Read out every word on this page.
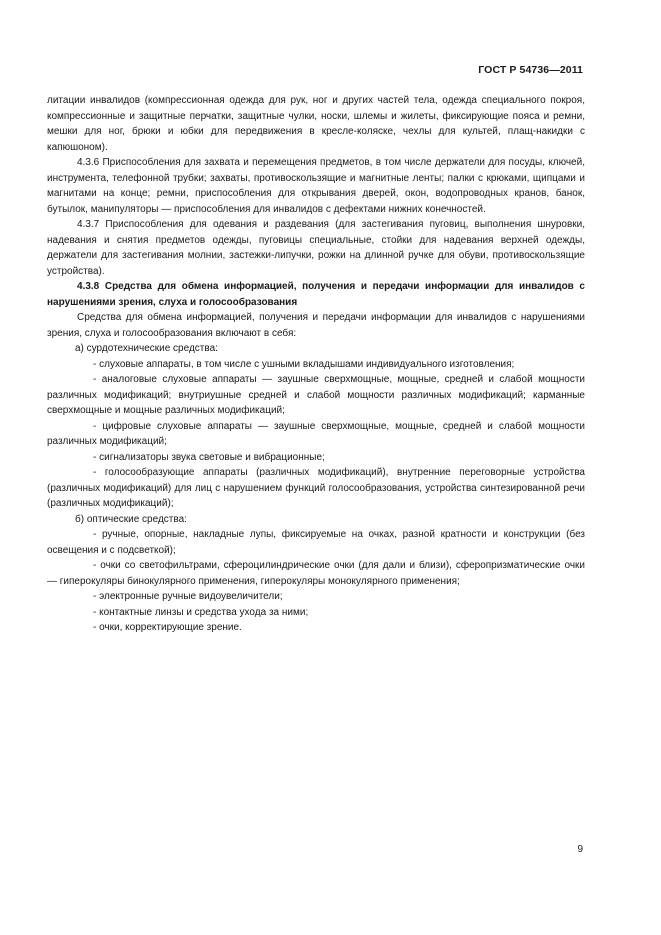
ГОСТ Р 54736—2011

литации инвалидов (компрессионная одежда для рук, ног и других частей тела, одежда специального покроя, компрессионные и защитные перчатки, защитные чулки, носки, шлемы и жилеты, фиксирующие пояса и ремни, мешки для ног, брюки и юбки для передвижения в кресле-коляске, чехлы для культей, плащ-накидки с капюшоном).

4.3.6 Приспособления для захвата и перемещения предметов, в том числе держатели для посуды, ключей, инструмента, телефонной трубки; захваты, противоскользящие и магнитные ленты; палки с крюками, щипцами и магнитами на конце; ремни, приспособления для открывания дверей, окон, водопроводных кранов, банок, бутылок, манипуляторы — приспособления для инвалидов с дефектами нижних конечностей.

4.3.7 Приспособления для одевания и раздевания (для застегивания пуговиц, выполнения шнуровки, надевания и снятия предметов одежды, пуговицы специальные, стойки для надевания верхней одежды, держатели для застегивания молнии, застежки-липучки, рожки на длинной ручке для обуви, противоскользящие устройства).

4.3.8 Средства для обмена информацией, получения и передачи информации для инвалидов с нарушениями зрения, слуха и голосообразования

Средства для обмена информацией, получения и передачи информации для инвалидов с нарушениями зрения, слуха и голосообразования включают в себя:

а) сурдотехнические средства:

- слуховые аппараты, в том числе с ушными вкладышами индивидуального изготовления;

- аналоговые слуховые аппараты — заушные сверхмощные, мощные, средней и слабой мощности различных модификаций; внутриушные средней и слабой мощности различных модификаций; карманные сверхмощные и мощные различных модификаций;

- цифровые слуховые аппараты — заушные сверхмощные, мощные, средней и слабой мощности различных модификаций;

- сигнализаторы звука световые и вибрационные;

- голосообразующие аппараты (различных модификаций), внутренние переговорные устройства (различных модификаций) для лиц с нарушением функций голосообразования, устройства синтезированной речи (различных модификаций);

б) оптические средства:

- ручные, опорные, накладные лупы, фиксируемые на очках, разной кратности и конструкции (без освещения и с подсветкой);

- очки со светофильтрами, сфероцилиндрические очки (для дали и близи), сферопризматические очки — гиперокуляры бинокулярного применения, гиперокуляры монокулярного применения;

- электронные ручные видоувеличители;

- контактные линзы и средства ухода за ними;

- очки, корректирующие зрение.

9
